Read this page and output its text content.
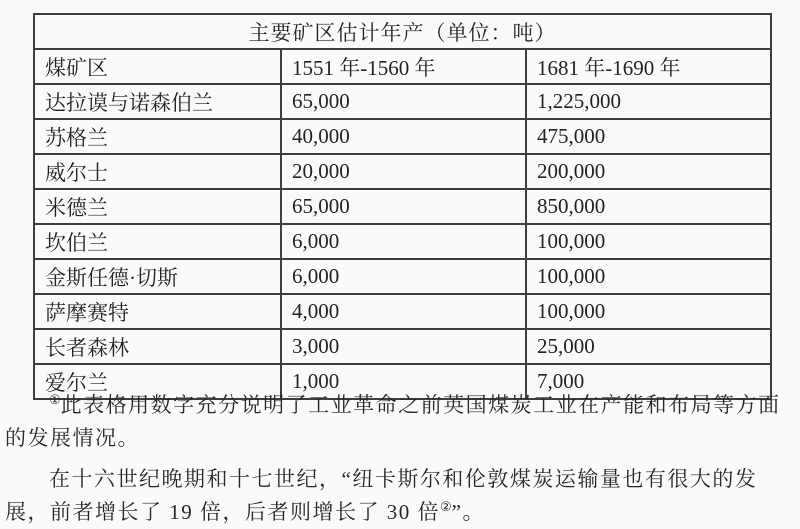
主要矿区估计年产（单位：吨）		
煤矿区	1551 年-1560 年	1681 年-1690 年
达拉谟与诺森伯兰	65,000	1,225,000
苏格兰	40,000	475,000
威尔士	20,000	200,000
米德兰	65,000	850,000
坎伯兰	6,000	100,000
金斯任德·切斯	6,000	100,000
萨摩赛特	4,000	100,000
长者森林	3,000	25,000
爱尔兰	1,000	7,000

①此表格用数字充分说明了工业革命之前英国煤炭工业在产能和布局等方面的发展情况。

在十六世纪晚期和十七世纪，“纽卡斯尔和伦敦煤炭运输量也有很大的发展，前者增长了 19 倍，后者则增长了 30 倍②”。
